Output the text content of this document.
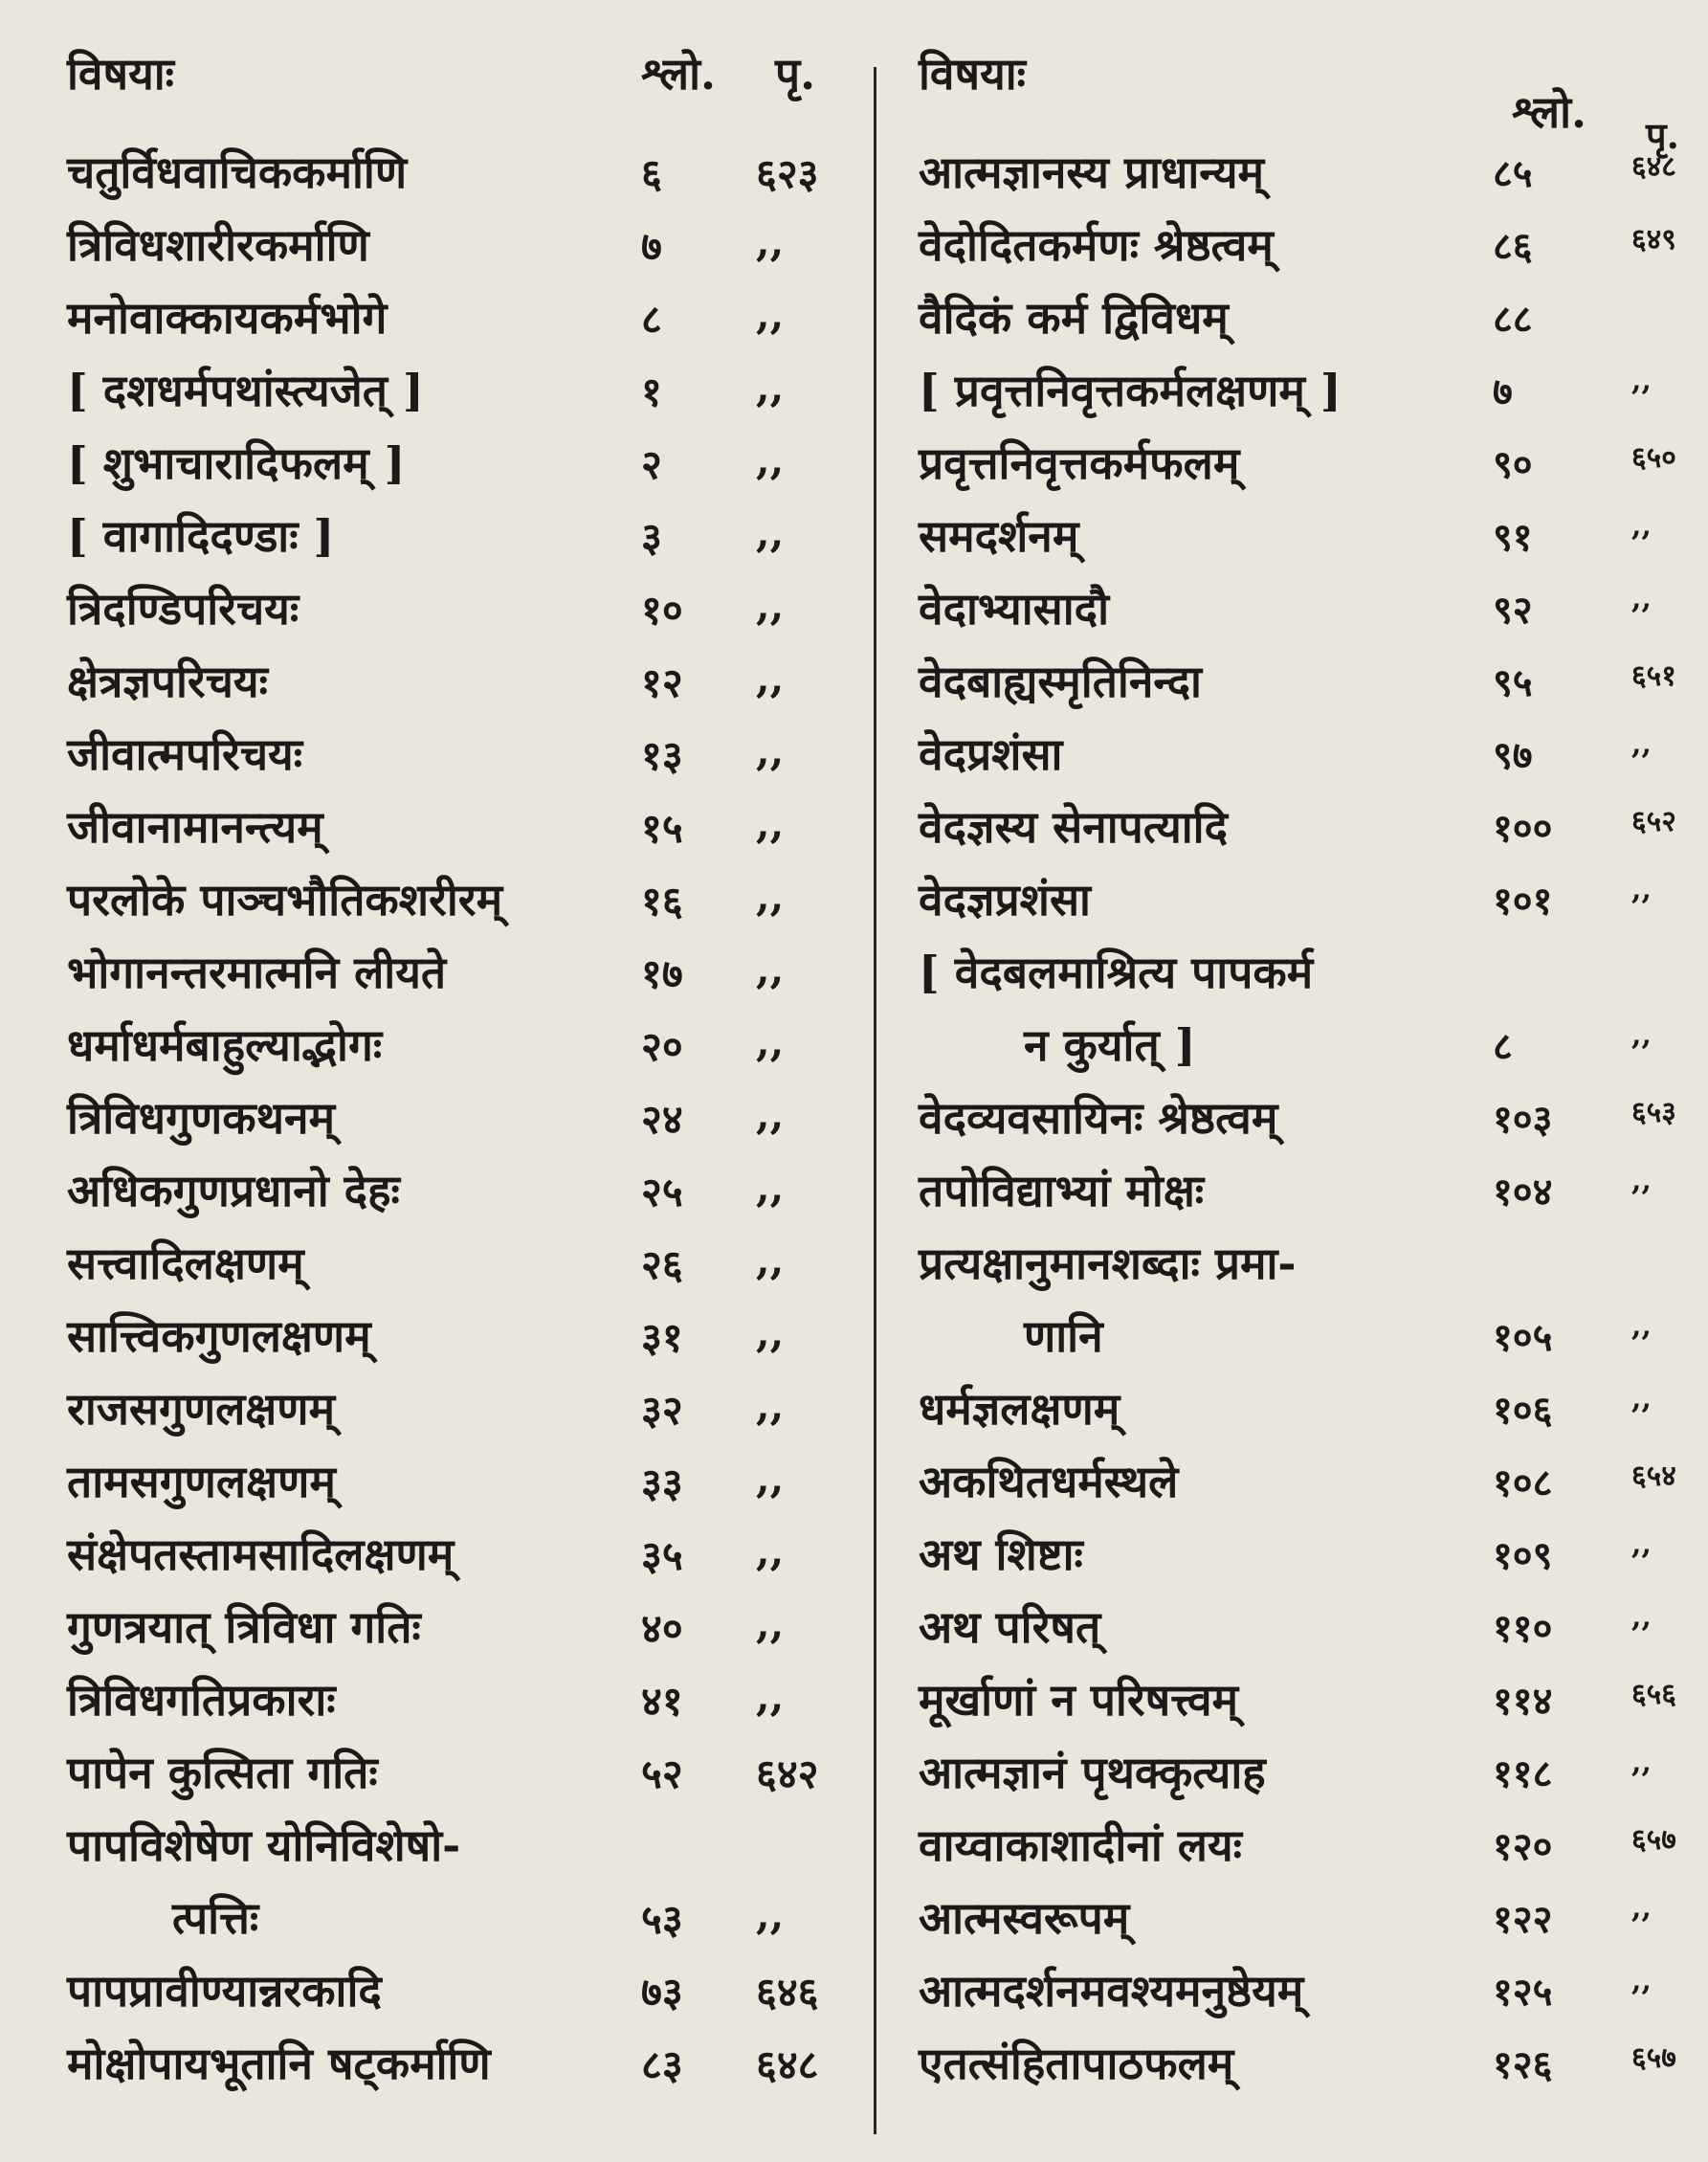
विषयाः	श्लो. पृ.
चतुर्विधवाचिककर्माणि	६ ६२३
त्रिविधशारीरकर्माणि	७ ,,
मनोवाक्कायकर्मभोगे	८ ,,
[ दशधर्मपथांस्त्यजेत् ]	१ ,,
[ शुभाचारादिफलम् ]	२ ,,
[ वागादिदण्डाः ]	३ ,,
त्रिदण्डिपरिचयः	१० ,,
क्षेत्रज्ञपरिचयः	१२ ,,
जीवात्मपरिचयः	१३ ,,
जीवानामानन्त्यम्	१५ ,,
परलोके पाञ्चभौतिकशरीरम्	१६ ,,
भोगानन्तरमात्मनि लीयते	१७ ,,
धर्माधर्मबाहुल्याद्भोगः	२० ,,
त्रिविधगुणकथनम्	२४ ,,
अधिकगुणप्रधानो देहः	२५ ,,
सत्त्वादिलक्षणम्	२६ ,,
सात्त्विकगुणलक्षणम्	३१ ,,
राजसगुणलक्षणम्	३२ ,,
तामसगुणलक्षणम्	३३ ,,
संक्षेपतस्तामसादिलक्षणम्	३५ ,,
गुणत्रयात् त्रिविधा गतिः	४० ,,
त्रिविधगतिप्रकाराः	४१ ,,
पापेन कुत्सिता गतिः	५२ ६४२
पापविशेषेण योनिविशेषो-
त्पत्तिः	५३ ,,
पापप्रावीण्यान्नरकादि	७३ ६४६
मोक्षोपायभूतानि षट्कर्माणि	८३ ६४८
विषयाः
श्लो. पृ.
आत्मज्ञानस्य प्राधान्यम्	८५	६४८
वेदोदितकर्मणः श्रेष्ठत्वम्	८६	६४९
वैदिकं कर्म द्विविधम्	८८
[ प्रवृत्तनिवृत्तकर्मलक्षणम् ]	७	,,
प्रवृत्तनिवृत्तकर्मफलम्	९०	६५०
समदर्शनम्	९१	,,
वेदाभ्यासादौ	९२	,,
वेदबाह्यस्मृतिनिन्दा	९५	६५१
वेदप्रशंसा	९७	,,
वेदज्ञस्य सेनापत्यादि	१००	६५२
वेदज्ञप्रशंसा	१०१	,,
[ वेदबलमाश्रित्य पापकर्म
न कुर्यात् ]	८	,,
वेदव्यवसायिनः श्रेष्ठत्वम्	१०३	६५३
तपोविद्याभ्यां मोक्षः	१०४	,,
प्रत्यक्षानुमानशब्दाः प्रमा-
णानि	१०५	,,
धर्मज्ञलक्षणम्	१०६	,,
अकथितधर्मस्थले	१०८	६५४
अथ शिष्टाः	१०९	,,
अथ परिषत्	११०	,,
मूर्खाणां न परिषत्त्वम्	११४	६५६
आत्मज्ञानं पृथक्कृत्याह	११८	,,
वाय्वाकाशादीनां लयः	१२०	६५७
आत्मस्वरूपम्	१२२	,,
आत्मदर्शनमवश्यमनुष्ठेयम्	१२५	,,
एतत्संहितापाठफलम्	१२६	६५७
